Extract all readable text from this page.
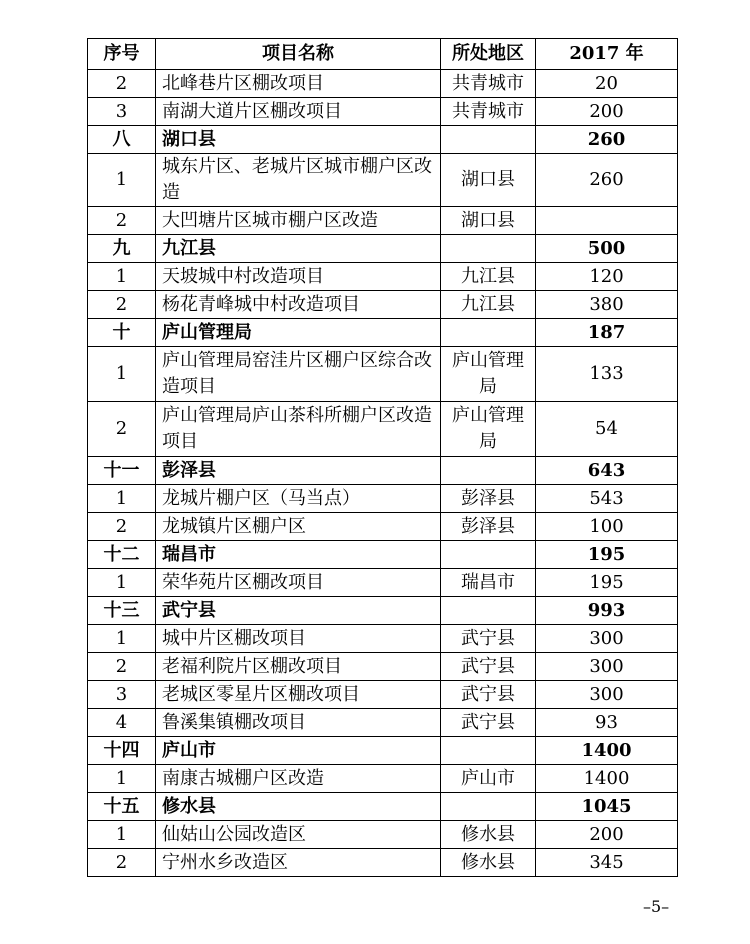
序号	项目名称	所处地区	2017 年
2	北峰巷片区棚改项目	共青城市	20
3	南湖大道片区棚改项目	共青城市	200
八	湖口县		260
1	城东片区、老城片区城市棚户区改造	湖口县	260
2	大凹塘片区城市棚户区改造	湖口县	
九	九江县		500
1	天坡城中村改造项目	九江县	120
2	杨花青峰城中村改造项目	九江县	380
十	庐山管理局		187
1	庐山管理局窑洼片区棚户区综合改造项目	庐山管理局	133
2	庐山管理局庐山茶科所棚户区改造项目	庐山管理局	54
十一	彭泽县		643
1	龙城片棚户区（马当点）	彭泽县	543
2	龙城镇片区棚户区	彭泽县	100
十二	瑞昌市		195
1	荣华苑片区棚改项目	瑞昌市	195
十三	武宁县		993
1	城中片区棚改项目	武宁县	300
2	老福利院片区棚改项目	武宁县	300
3	老城区零星片区棚改项目	武宁县	300
4	鲁溪集镇棚改项目	武宁县	93
十四	庐山市		1400
1	南康古城棚户区改造	庐山市	1400
十五	修水县		1045
1	仙姑山公园改造区	修水县	200
2	宁州水乡改造区	修水县	345
–5–
